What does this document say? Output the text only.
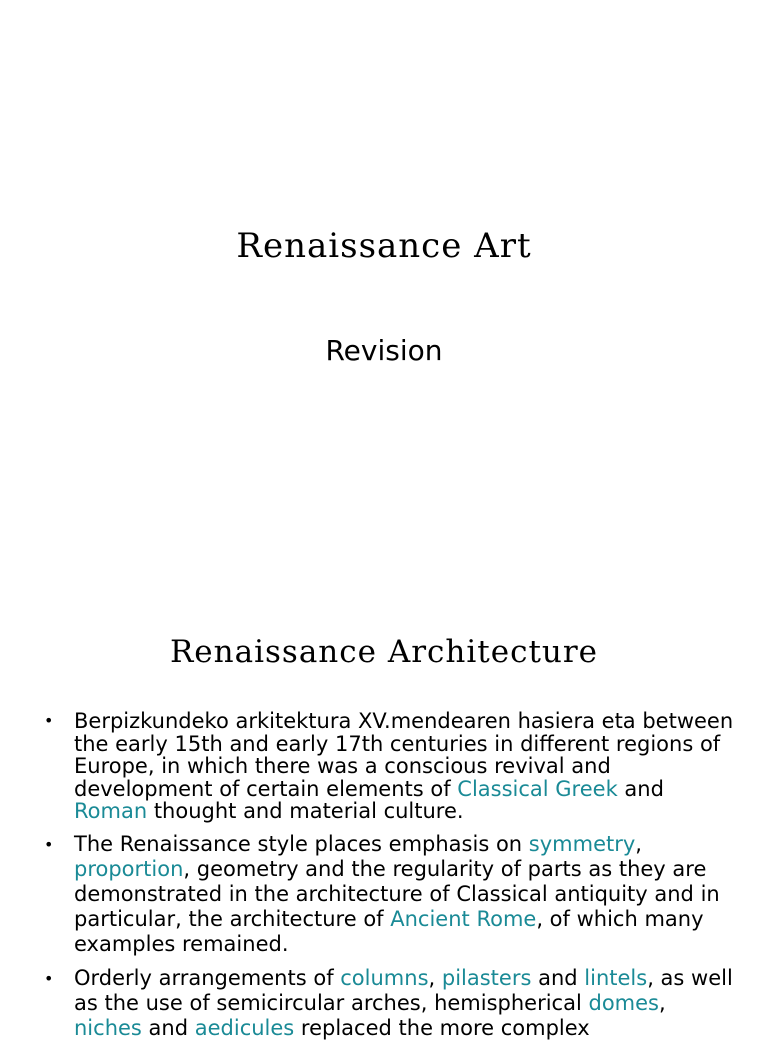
Renaissance Art
Revision
Renaissance Architecture
• Berpizkundeko arkitektura XV.mendearen hasiera eta between the early 15th and early 17th centuries in different regions of Europe, in which there was a conscious revival and development of certain elements of Classical Greek and Roman thought and material culture.
• The Renaissance style places emphasis on symmetry, proportion, geometry and the regularity of parts as they are demonstrated in the architecture of Classical antiquity and in particular, the architecture of Ancient Rome, of which many examples remained.
• Orderly arrangements of columns, pilasters and lintels, as well as the use of semicircular arches, hemispherical domes, niches and aedicules replaced the more complex
